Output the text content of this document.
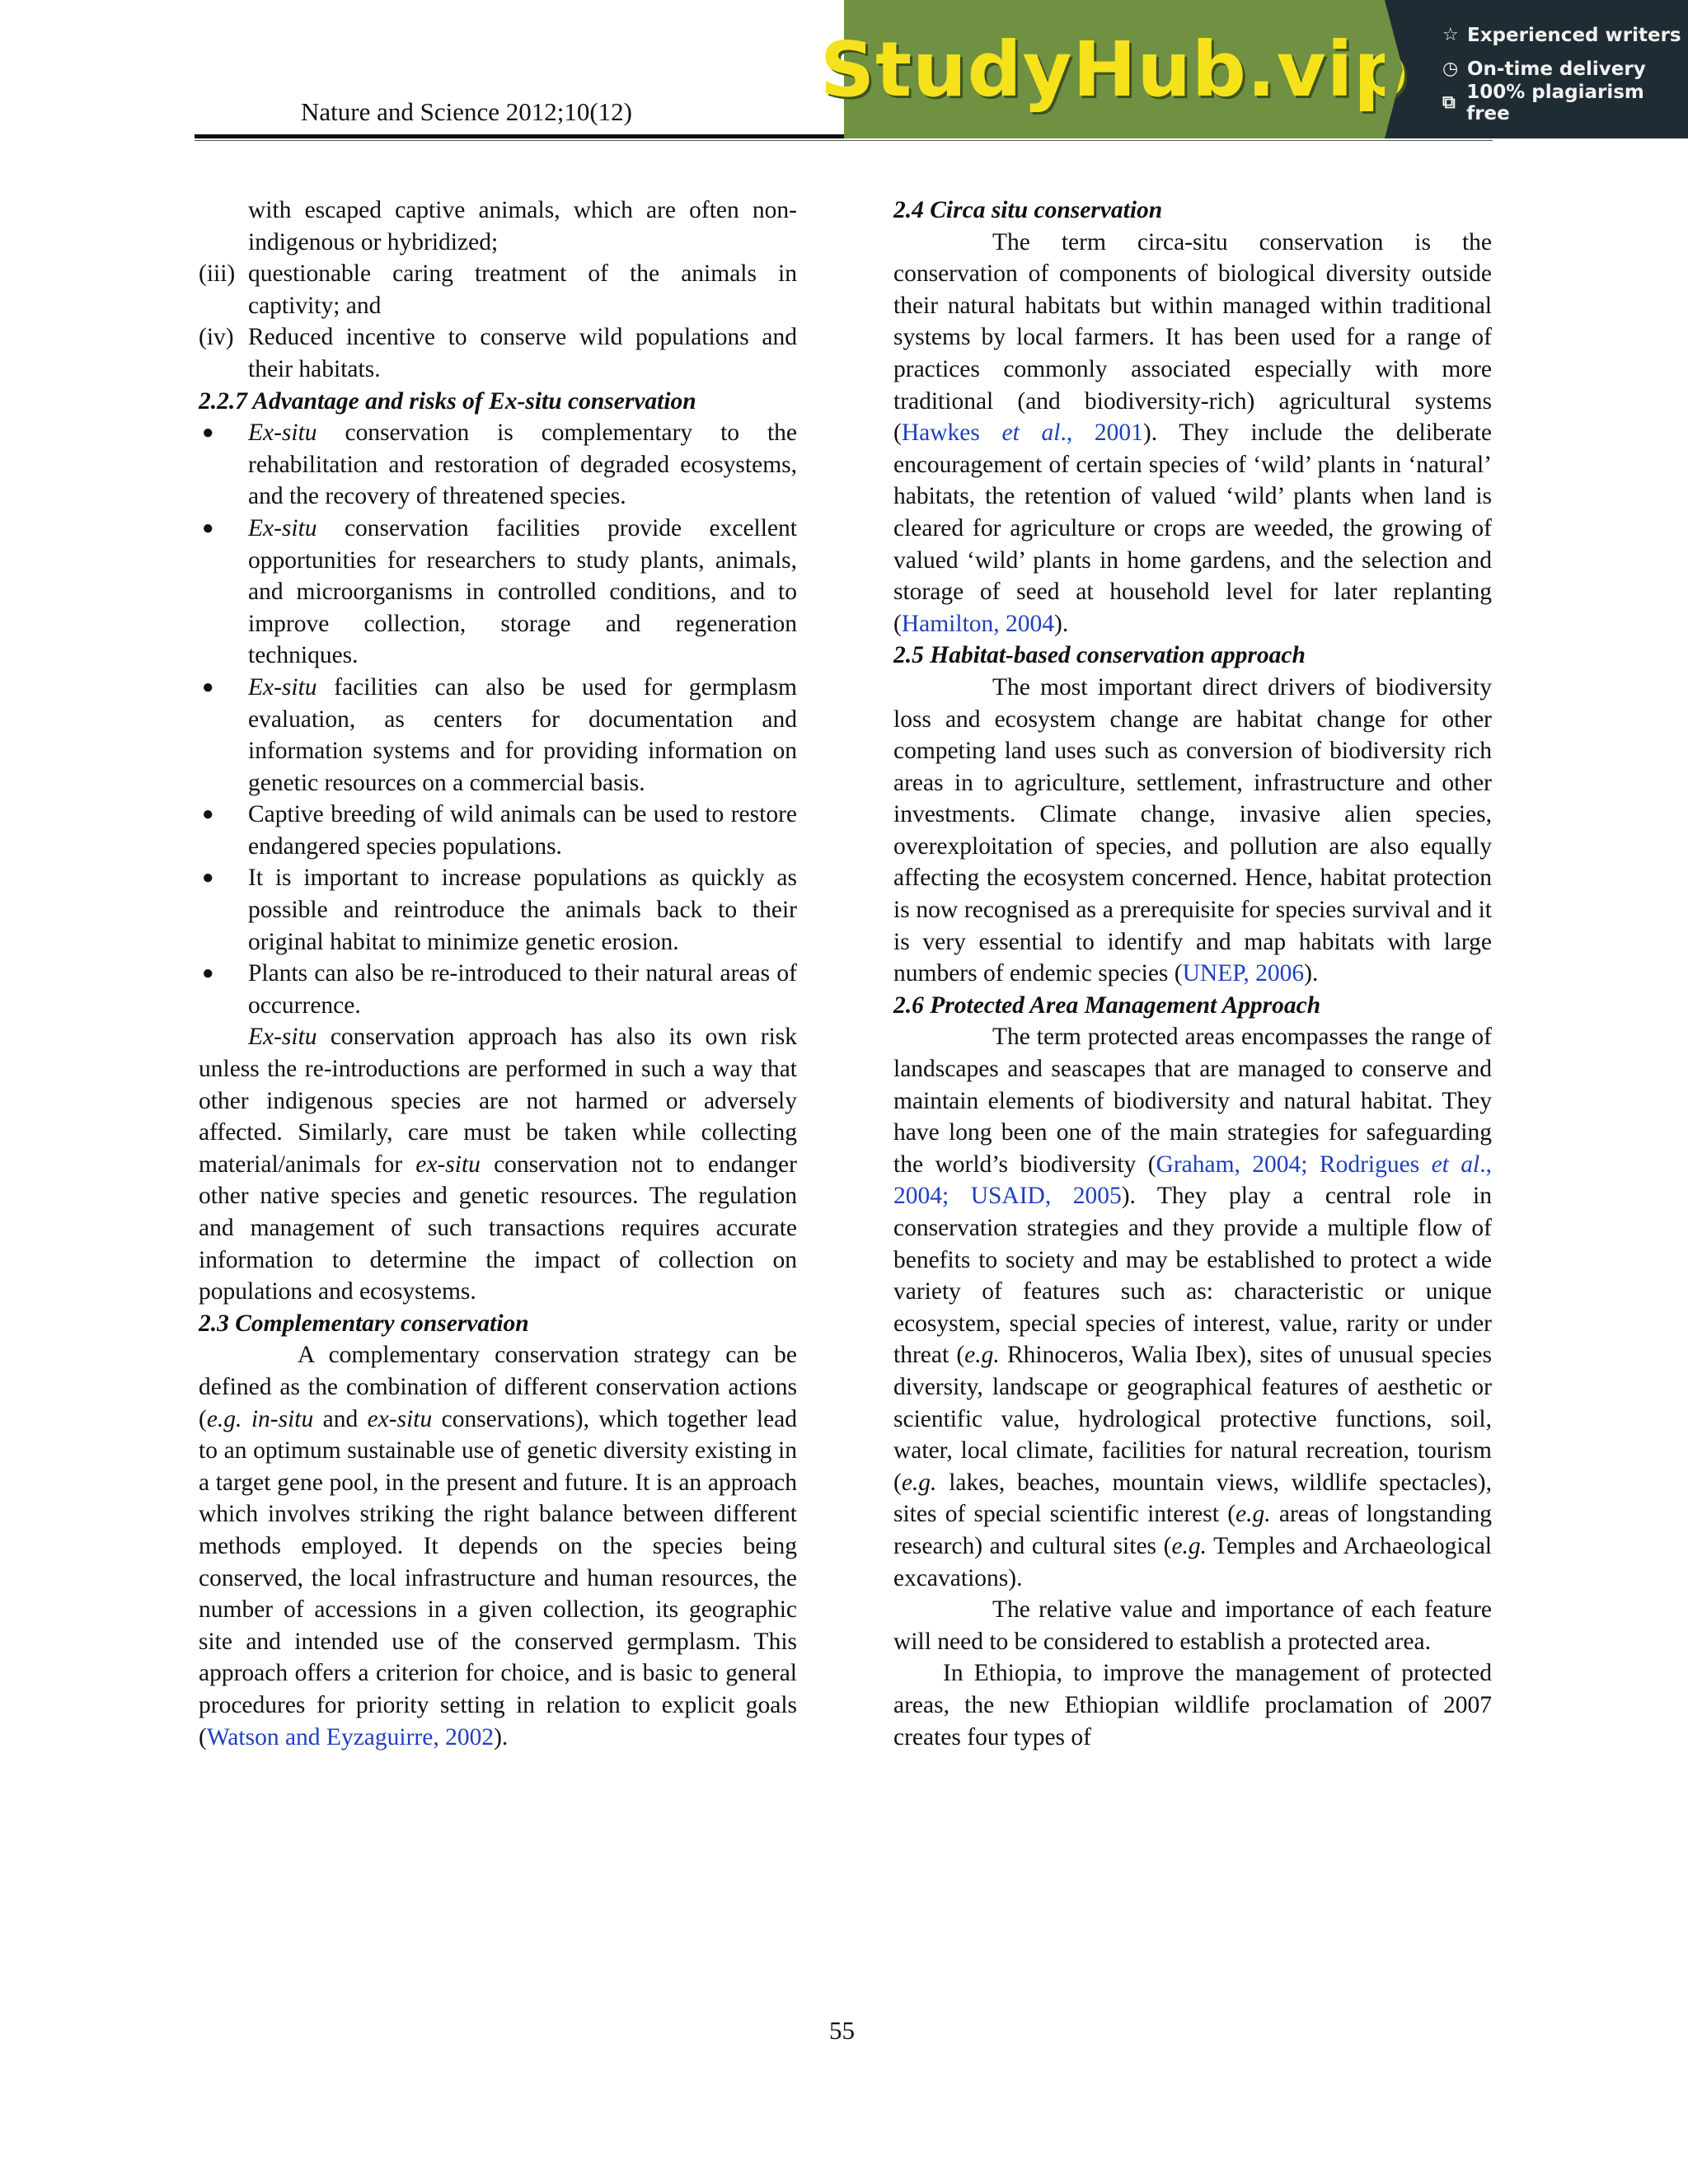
Nature and Science 2012;10(12) StudyHub.vip ☆ Experienced writers
◷ On-time delivery
⧉ 100% plagiarism free

with escaped captive animals, which are often non-indigenous or hybridized;

(iii) questionable caring treatment of the animals in captivity; and
(iv) Reduced incentive to conserve wild populations and their habitats.

2.2.7 Advantage and risks of Ex-situ conservation

●	Ex-situ conservation is complementary to the rehabilitation and restoration of degraded ecosystems, and the recovery of threatened species.
●	Ex-situ conservation facilities provide excellent opportunities for researchers to study plants, animals, and microorganisms in controlled conditions, and to improve collection, storage and regeneration techniques.
●	Ex-situ facilities can also be used for germplasm evaluation, as centers for documentation and information systems and for providing information on genetic resources on a commercial basis.
●	Captive breeding of wild animals can be used to restore endangered species populations.
●	It is important to increase populations as quickly as possible and reintroduce the animals back to their original habitat to minimize genetic erosion.
●	Plants can also be re-introduced to their natural areas of occurrence.

Ex-situ conservation approach has also its own risk unless the re-introductions are performed in such a way that other indigenous species are not harmed or adversely affected. Similarly, care must be taken while collecting material/animals for ex-situ conservation not to endanger other native species and genetic resources. The regulation and management of such transactions requires accurate information to determine the impact of collection on populations and ecosystems.

2.3 Complementary conservation

A complementary conservation strategy can be defined as the combination of different conservation actions (e.g. in-situ and ex-situ conservations), which together lead to an optimum sustainable use of genetic diversity existing in a target gene pool, in the present and future. It is an approach which involves striking the right balance between different methods employed. It depends on the species being conserved, the local infrastructure and human resources, the number of accessions in a given collection, its geographic site and intended use of the conserved germplasm. This approach offers a criterion for choice, and is basic to general procedures for priority setting in relation to explicit goals (Watson and Eyzaguirre, 2002).

2.4 Circa situ conservation

The term circa-situ conservation is the conservation of components of biological diversity outside their natural habitats but within managed within traditional systems by local farmers. It has been used for a range of practices commonly associated especially with more traditional (and biodiversity-rich) agricultural systems (Hawkes et al., 2001). They include the deliberate encouragement of certain species of ‘wild’ plants in ‘natural’ habitats, the retention of valued ‘wild’ plants when land is cleared for agriculture or crops are weeded, the growing of valued ‘wild’ plants in home gardens, and the selection and storage of seed at household level for later replanting (Hamilton, 2004).

2.5 Habitat-based conservation approach

The most important direct drivers of biodiversity loss and ecosystem change are habitat change for other competing land uses such as conversion of biodiversity rich areas in to agriculture, settlement, infrastructure and other investments. Climate change, invasive alien species, overexploitation of species, and pollution are also equally affecting the ecosystem concerned. Hence, habitat protection is now recognised as a prerequisite for species survival and it is very essential to identify and map habitats with large numbers of endemic species (UNEP, 2006).

2.6 Protected Area Management Approach

The term protected areas encompasses the range of landscapes and seascapes that are managed to conserve and maintain elements of biodiversity and natural habitat. They have long been one of the main strategies for safeguarding the world’s biodiversity (Graham, 2004; Rodrigues et al., 2004; USAID, 2005). They play a central role in conservation strategies and they provide a multiple flow of benefits to society and may be established to protect a wide variety of features such as: characteristic or unique ecosystem, special species of interest, value, rarity or under threat (e.g. Rhinoceros, Walia Ibex), sites of unusual species diversity, landscape or geographical features of aesthetic or scientific value, hydrological protective functions, soil, water, local climate, facilities for natural recreation, tourism (e.g. lakes, beaches, mountain views, wildlife spectacles), sites of special scientific interest (e.g. areas of longstanding research) and cultural sites (e.g. Temples and Archaeological excavations).

The relative value and importance of each feature will need to be considered to establish a protected area.

In Ethiopia, to improve the management of protected areas, the new Ethiopian wildlife proclamation of 2007 creates four types of

55
